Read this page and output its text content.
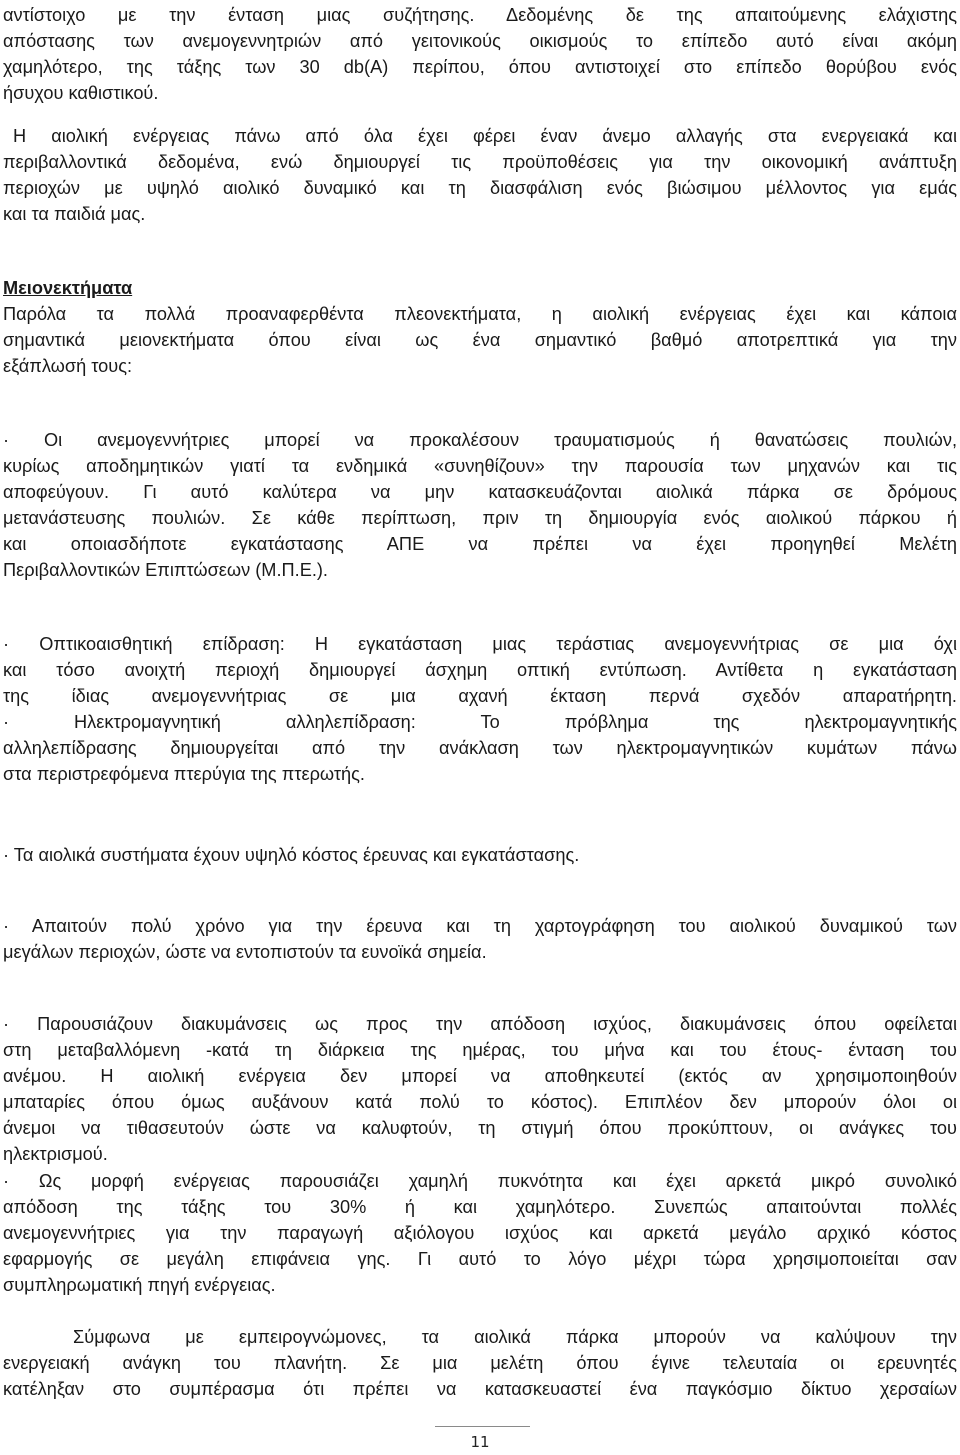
αντίστοιχο με την ένταση μιας συζήτησης. Δεδομένης δε της απαιτούμενης ελάχιστης
απόστασης των ανεμογεννητριών από γειτονικούς οικισμούς το επίπεδο αυτό είναι ακόμη
χαμηλότερο, της τάξης των 30 db(A) περίπου, όπου αντιστοιχεί στο επίπεδο θορύβου ενός
ήσυχου καθιστικού.

Η αιολική ενέργειας πάνω από όλα έχει φέρει έναν άνεμο αλλαγής στα ενεργειακά και
περιβαλλοντικά δεδομένα, ενώ δημιουργεί τις προϋποθέσεις για την οικονομική ανάπτυξη
περιοχών με υψηλό αιολικό δυναμικό και τη διασφάλιση ενός βιώσιμου μέλλοντος για εμάς
και τα παιδιά μας.

Μειονεκτήματα

Παρόλα τα πολλά προαναφερθέντα πλεονεκτήματα, η αιολική ενέργειας έχει και κάποια
σημαντικά μειονεκτήματα όπου είναι ως ένα σημαντικό βαθμό αποτρεπτικά για την
εξάπλωσή τους:

· Οι ανεμογεννήτριες μπορεί να προκαλέσουν τραυματισμούς ή θανατώσεις πουλιών,
κυρίως αποδημητικών γιατί τα ενδημικά «συνηθίζουν» την παρουσία των μηχανών και τις
αποφεύγουν. Γι αυτό καλύτερα να μην κατασκευάζονται αιολικά πάρκα σε δρόμους
μετανάστευσης πουλιών. Σε κάθε περίπτωση, πριν τη δημιουργία ενός αιολικού πάρκου ή
και οποιασδήποτε εγκατάστασης ΑΠΕ να πρέπει να έχει προηγηθεί Μελέτη
Περιβαλλοντικών Επιπτώσεων (Μ.Π.Ε.).

· Οπτικοαισθητική επίδραση: Η εγκατάσταση μιας τεράστιας ανεμογεννήτριας σε μια όχι
και τόσο ανοιχτή περιοχή δημιουργεί άσχημη οπτική εντύπωση. Αντίθετα η εγκατάσταση
της ίδιας ανεμογεννήτριας σε μια αχανή έκταση περνά σχεδόν απαρατήρητη.
· Ηλεκτρομαγνητική αλληλεπίδραση: Το πρόβλημα της ηλεκτρομαγνητικής
αλληλεπίδρασης δημιουργείται από την ανάκλαση των ηλεκτρομαγνητικών κυμάτων πάνω
στα περιστρεφόμενα πτερύγια της πτερωτής.

· Τα αιολικά συστήματα έχουν υψηλό κόστος έρευνας και εγκατάστασης.

· Απαιτούν πολύ χρόνο για την έρευνα και τη χαρτογράφηση του αιολικού δυναμικού των
μεγάλων περιοχών, ώστε να εντοπιστούν τα ευνοϊκά σημεία.

· Παρουσιάζουν διακυμάνσεις ως προς την απόδοση ισχύος, διακυμάνσεις όπου οφείλεται
στη μεταβαλλόμενη -κατά τη διάρκεια της ημέρας, του μήνα και του έτους- ένταση του
ανέμου. Η αιολική ενέργεια δεν μπορεί να αποθηκευτεί (εκτός αν χρησιμοποιηθούν
μπαταρίες όπου όμως αυξάνουν κατά πολύ το κόστος). Επιπλέον δεν μπορούν όλοι οι
άνεμοι να τιθασευτούν ώστε να καλυφτούν, τη στιγμή όπου προκύπτουν, οι ανάγκες του
ηλεκτρισμού.

· Ως μορφή ενέργειας παρουσιάζει χαμηλή πυκνότητα και έχει αρκετά μικρό συνολικό
απόδοση της τάξης του 30% ή και χαμηλότερο. Συνεπώς απαιτούνται πολλές
ανεμογεννήτριες για την παραγωγή αξιόλογου ισχύος και αρκετά μεγάλο αρχικό κόστος
εφαρμογής σε μεγάλη επιφάνεια γης. Γι αυτό το λόγο μέχρι τώρα χρησιμοποιείται σαν
συμπληρωματική πηγή ενέργειας.

Σύμφωνα με εμπειρογνώμονες, τα αιολικά πάρκα μπορούν να καλύψουν την
ενεργειακή ανάγκη του πλανήτη. Σε μια μελέτη όπου έγινε τελευταία οι ερευνητές
κατέληξαν στο συμπέρασμα ότι πρέπει να κατασκευαστεί ένα παγκόσμιο δίκτυο χερσαίων

11
